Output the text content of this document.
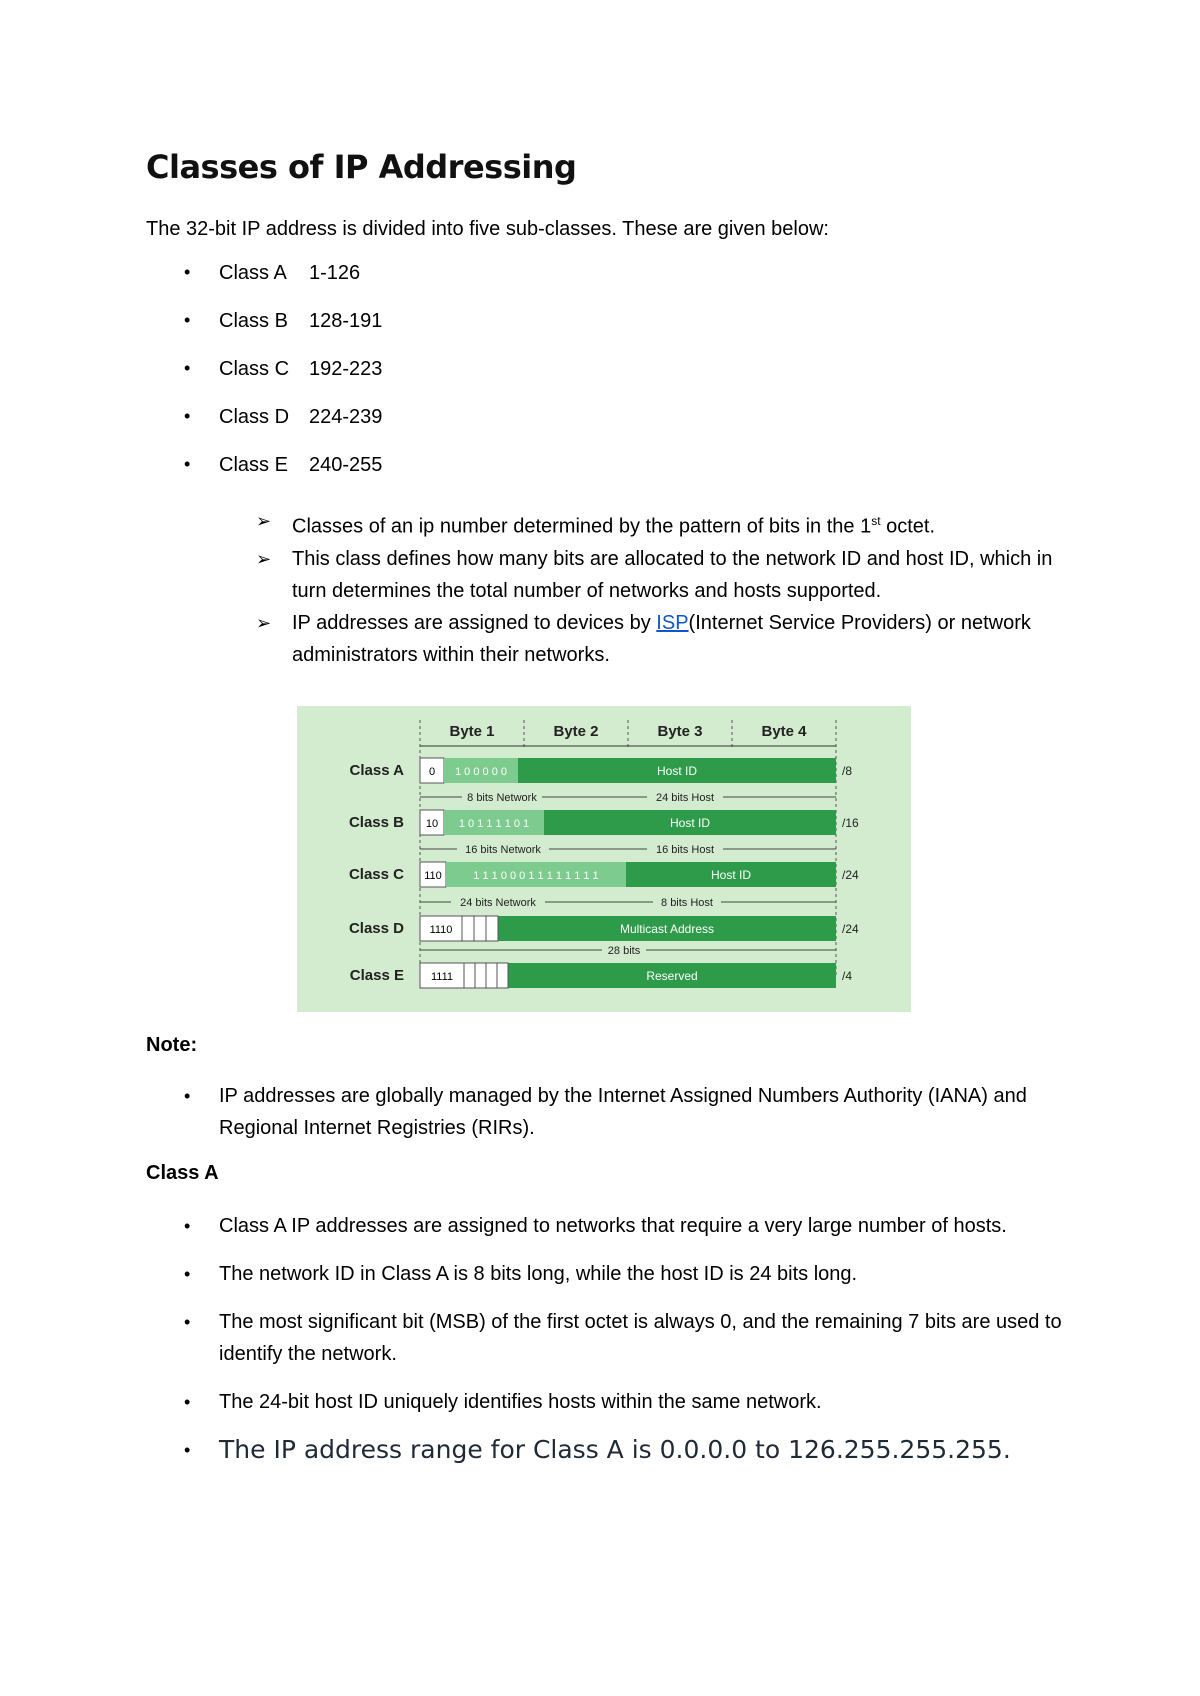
Classes of IP Addressing
The 32-bit IP address is divided into five sub-classes. These are given below:
•	Class A	1-126
•	Class B	128-191
•	Class C 192-223
•	Class D 224-239
•	Class E	240-255
➢	Classes of an ip number determined by the pattern of bits in the 1st octet.
➢	This class defines how many bits are allocated to the network ID and host ID, which in turn determines the total number of networks and hosts supported.
➢	IP addresses are assigned to devices by ISP(Internet Service Providers) or network administrators within their networks.
Note:
•	IP addresses are globally managed by the Internet Assigned Numbers Authority (IANA) and Regional Internet Registries (RIRs).
Class A
•	Class A IP addresses are assigned to networks that require a very large number of hosts.
•	The network ID in Class A is 8 bits long, while the host ID is 24 bits long.
•	The most significant bit (MSB) of the first octet is always 0, and the remaining 7 bits are used to identify the network.
•	The 24-bit host ID uniquely identifies hosts within the same network.
•	The IP address range for Class A is 0.0.0.0 to 126.255.255.255.
Byte 1	Byte 2	Byte 3	Byte 4
Class A 0 1 0 0 0 0 0	Host ID	/8
8 bits Network	24 bits Host
Class B 10 1 0 1 1 1 1 0 1	Host ID	/16
16 bits Network	16 bits Host
Class C 110	1 1 1 0 0 0 1 1 1 1 1 1 1 1	Host ID	/24
24 bits Network	8 bits Host
Class D 1110	Multicast Address	/24
28 bits
Class E 1111	Reserved	/4
